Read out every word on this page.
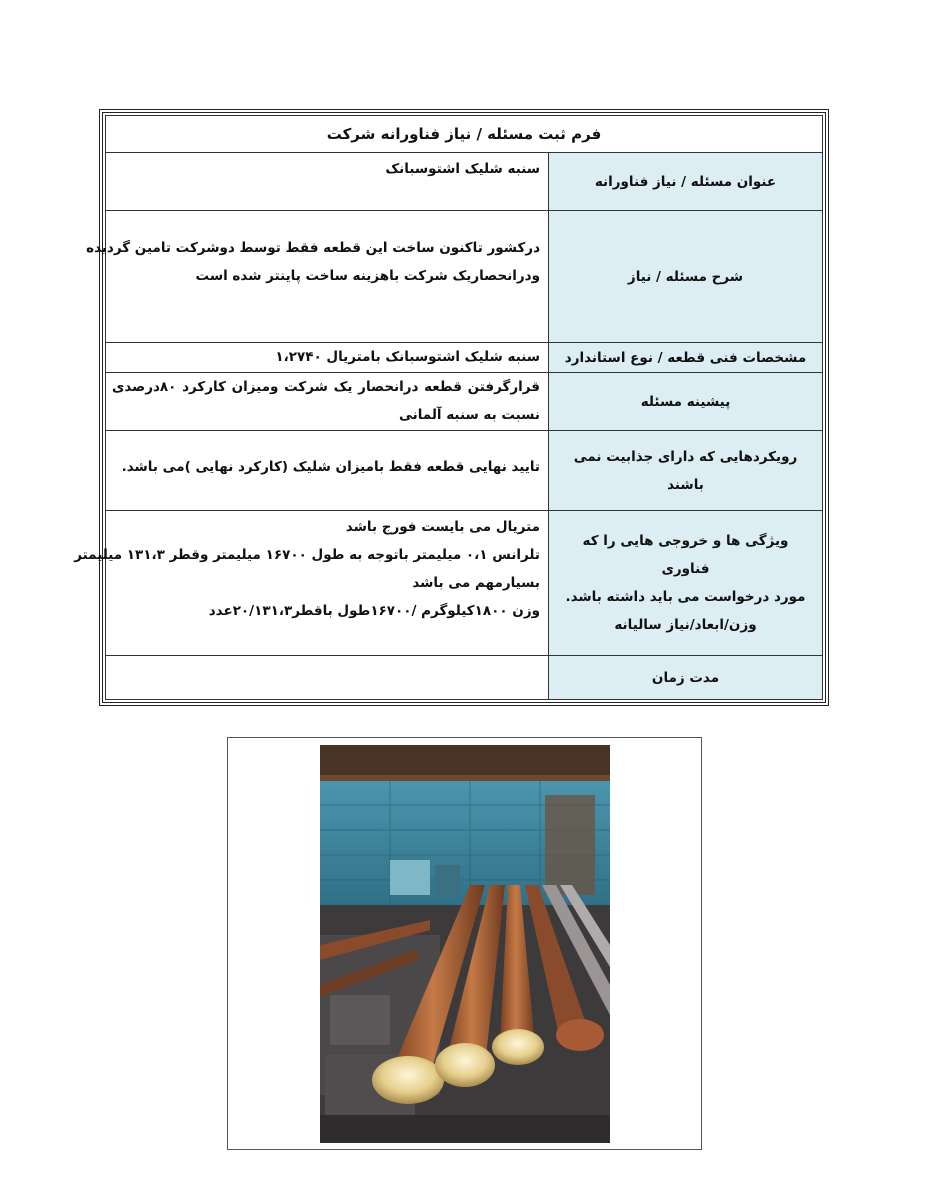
فرم ثبت مسئله / نیاز فناورانه شرکت
عنوان مسئله / نیاز فناورانه
سنبه شلیک اشتوسبانک
شرح مسئله / نیاز
درکشور تاکنون ساخت این قطعه فقط توسط دوشرکت تامین گردیده
ودرانحصاریک شرکت باهزینه ساخت پاینتر شده است
مشخصات فنی قطعه / نوع استاندارد
سنبه شلیک اشتوسبانک بامتریال ۱،۲۷۴۰
پیشینه مسئله
قرارگرفتن قطعه درانحصار یک شرکت ومیزان کارکرد ۸۰درصدی
نسبت به سنبه آلمانی
رویکردهایی که دارای جذابیت نمی باشند
تایید نهایی قطعه فقط بامیزان شلیک (کارکرد نهایی )می باشد.
ویژگی ها و خروجی هایی را که فناوری
مورد درخواست می باید داشته باشد.
وزن/ابعاد/نیاز سالیانه
متریال می بایست فورج باشد
تلرانس ۰،۱ میلیمتر باتوجه به طول ۱۶۷۰۰ میلیمتر وقطر ۱۳۱،۳ میلیمتر
بسیارمهم می باشد
وزن ۱۸۰۰کیلوگرم /۱۶۷۰۰طول باقطر۲۰/۱۳۱،۳عدد
مدت زمان
